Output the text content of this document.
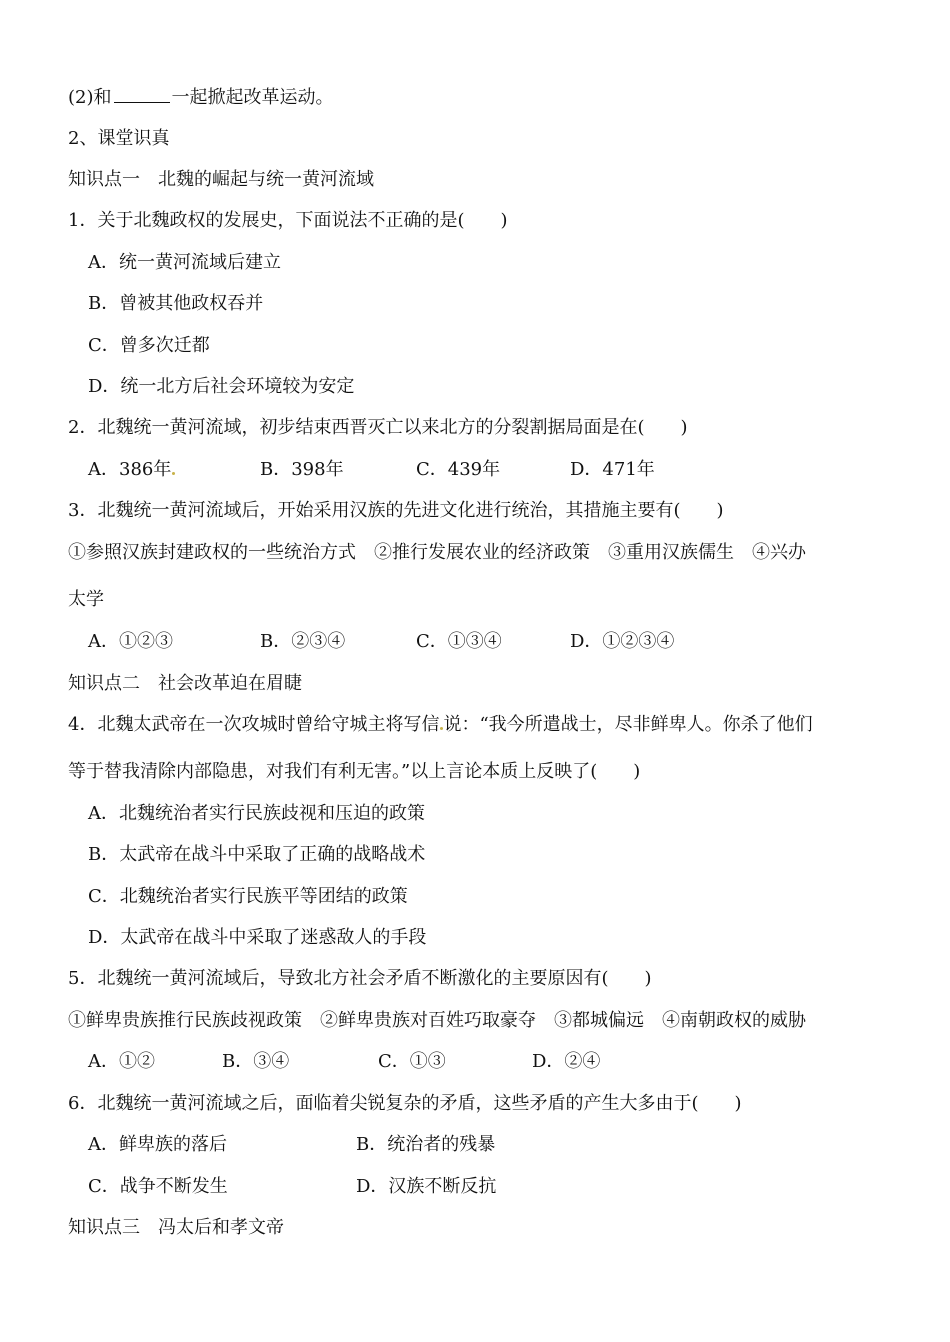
(2)和	一起掀起改革运动。
2、课堂识真
知识点一　北魏的崛起与统一黄河流域
1．关于北魏政权的发展史，下面说法不正确的是(　　)
A．统一黄河流域后建立
B．曾被其他政权吞并
C．曾多次迁都
D．统一北方后社会环境较为安定
2．北魏统一黄河流域，初步结束西晋灭亡以来北方的分裂割据局面是在(　　)
A．386年	B．398年	C．439年	D．471年
3．北魏统一黄河流域后，开始采用汉族的先进文化进行统治，其措施主要有(　　)
①参照汉族封建政权的一些统治方式　②推行发展农业的经济政策　③重用汉族儒生　④兴办
太学
A．①②③	B．②③④	C．①③④	D．①②③④
知识点二　社会改革迫在眉睫
4．北魏太武帝在一次攻城时曾给守城主将写信 说：“我今所遣战士，尽非鲜卑人。你杀了他们
等于替我清除内部隐患，对我们有利无害。”以上言论本质上反映了(　　)
A．北魏统治者实行民族歧视和压迫的政策
B．太武帝在战斗中采取了正确的战略战术
C．北魏统治者实行民族平等团结的政策
D．太武帝在战斗中采取了迷惑敌人的手段
5．北魏统一黄河流域后，导致北方社会矛盾不断激化的主要原因有(　　)
①鲜卑贵族推行民族歧视政策　②鲜卑贵族对百姓巧取豪夺　③都城偏远　④南朝政权的威胁
A．①②	B．③④	C．①③	D．②④
6．北魏统一黄河流域之后，面临着尖锐复杂的矛盾，这些矛盾的产生大多由于(　　)
A．鲜卑族的落后	B．统治者的残暴
C．战争不断发生	D．汉族不断反抗
知识点三　冯太后和孝文帝
